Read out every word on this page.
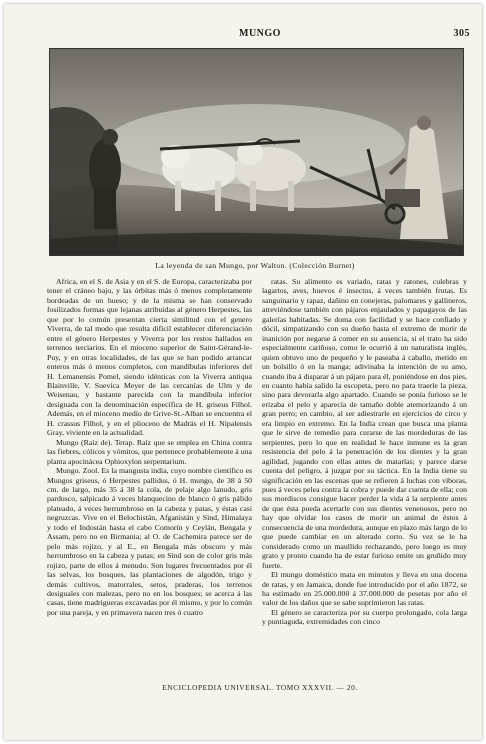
MUNGO	305
La leyenda de san Mungo, por Walton. (Colección Burnet)

Africa, en el S. de Asia y en el S. de Europa, caracterizaba por tener el cráneo bajo, y las órbitas más ó menos completamente bordeadas de un hueso; y de la misma se han conservado fosilizados formas que lejanas atribuidas al género Herpestes, las que por lo común presentan cierta similitud con el genero Viverra, de tal modo que resulta difícil establecer diferenciación entre el género Herpestes y Viverra por los restos hallados en terrenos terciarios. En el mioceno superior de Saint-Gérand-le-Puy, y en otras localidades, de las que se han podido arrancar enteros más ó menos completos, con mandíbulas inferiores del H. Lemanensis Pomel, siendo idénticas con la Viverra antiqua Blainville, V. Suevica Meyer de las cercanías de Ulm y de Weisenau, y bastante parecida con la mandíbula inferior designada con la denominación específica de H. griseus Filhol. Además, en el mioceno medio de Grive-St.-Alban se encuentra el H. crassus Filhol, y en el plioceno de Madrás el H. Nipalensis Gray, viviente en la actualidad.

Mungo (Raíz de). Terap. Raíz que se emplea en China contra las fiebres, cólicos y vómitos, que pertenece probablemente á una planta apocinácea Ophioxylon serpentarium.

Mungo. Zool. Es la mangusta india, cuyo nombre científico es Mungos griseus, ó Herpestes pallidus, ó H. mungo, de 38 á 50 cm. de largo, más 35 á 38 la cola, de pelaje algo lanudo, gris pardusco, salpicado á veces blanquecino de blanco ó gris pálido plateado, á veces herrumbroso en la cabeza y patas, y éstas casi negruzcas. Vive en el Belochistán, Afganistán y Sind, Himalaya y todo el Indostán hasta el cabo Comorín y Ceylán, Bengala y Assam, pero no en Birmania; al O. de Cachemira parece ser de pelo más rojizo, y al E., en Bengala más obscuro y más herrumbroso en la cabeza y patas; en Sind son de color gris más rojizo, parte de ellos á menudo. Son lugares frecuentados por él las selvas, los bosques, las plantaciones de algodón, trigo y demás cultivos, matorrales, setos, praderas, los terrenos desiguales con malezas, pero no en los bosques; se acerca á las casas, tiene madrigueras excavadas por él mismo, y por lo común por una pareja, y en primavera nacen tres ó cuatro

ratas. Su alimento es variado, ratas y ratones, culebras y lagartos, aves, huevos é insectos, á veces también frutas. Es sanguinario y rapaz, dañino en conejeras, palomares y gallineros, atreviéndose también con pájaros enjaulados y papagayos de las galerías habitadas. Se doma con facilidad y se hace confiado y dócil, simpatizando con su dueño hasta el extremo de morir de inanición por negarse á comer en su ausencia, si el trato ha sido especialmente cariñoso, como le ocurrió á un naturalista inglés, quien obtuvo uno de pequeño y le paseaba á caballo, metido en un bolsillo ó en la manga; adivinaba la intención de su amo, cuando iba á disparar á un pájaro para él, poniéndose en dos pies, en cuanto había salido la escopeta, pero no para traerle la pieza, sino para devorarla algo apartado. Cuando se ponía furioso se le erizaba el pelo y aparecía de tamaño doble atemorizando á un gran perro; en cambio, al ser adiestrarle en ejercicios de circo y era limpio en extremo. En la India crean que busca una planta que le sirve de remedio para curarse de las mordeduras de las serpientes, pero lo que en realidad le hace inmune es la gran resistencia del pelo á la penetración de los dientes y la gran agilidad, jugando con ellas antes de matarlas; y parece darse cuenta del peligro, á juzgar por su táctica. En la India tiene su significación en las escenas que se refieren á luchas con víboras, pues á veces pelea contra la cobra y puede dar cuenta de ella; con sus mordiscos consigue hacer perder la vida á la serpiente antes de que ésta pueda acertarle con sus dientes venenosos, pero no hay que olvidar los casos de morir un animal de éstos á consecuencia de una mordedura, aunque en plazo más largo de lo que puede cambiar en un alterado corto. Su vez se le ha considerado como un maullido rechazando, pero luego es muy grato y pronto cuando ha de estar furioso emite un gruñido muy fuerte.

El mungo doméstico mata en minutos y lleva en una docena de ratas, y en Jamaica, donde fue introducido por el año 1872, se ha estimado en 25.000.000 á 37.000.000 de pesetas por año el valor de los daños que se sabe suprimieron las ratas.

El género se caracteriza por su cuerpo prolongado, cola larga y puntiaguda, extremidades con cinco

ENCICLOPEDIA UNIVERSAL. TOMO XXXVII. — 20.
